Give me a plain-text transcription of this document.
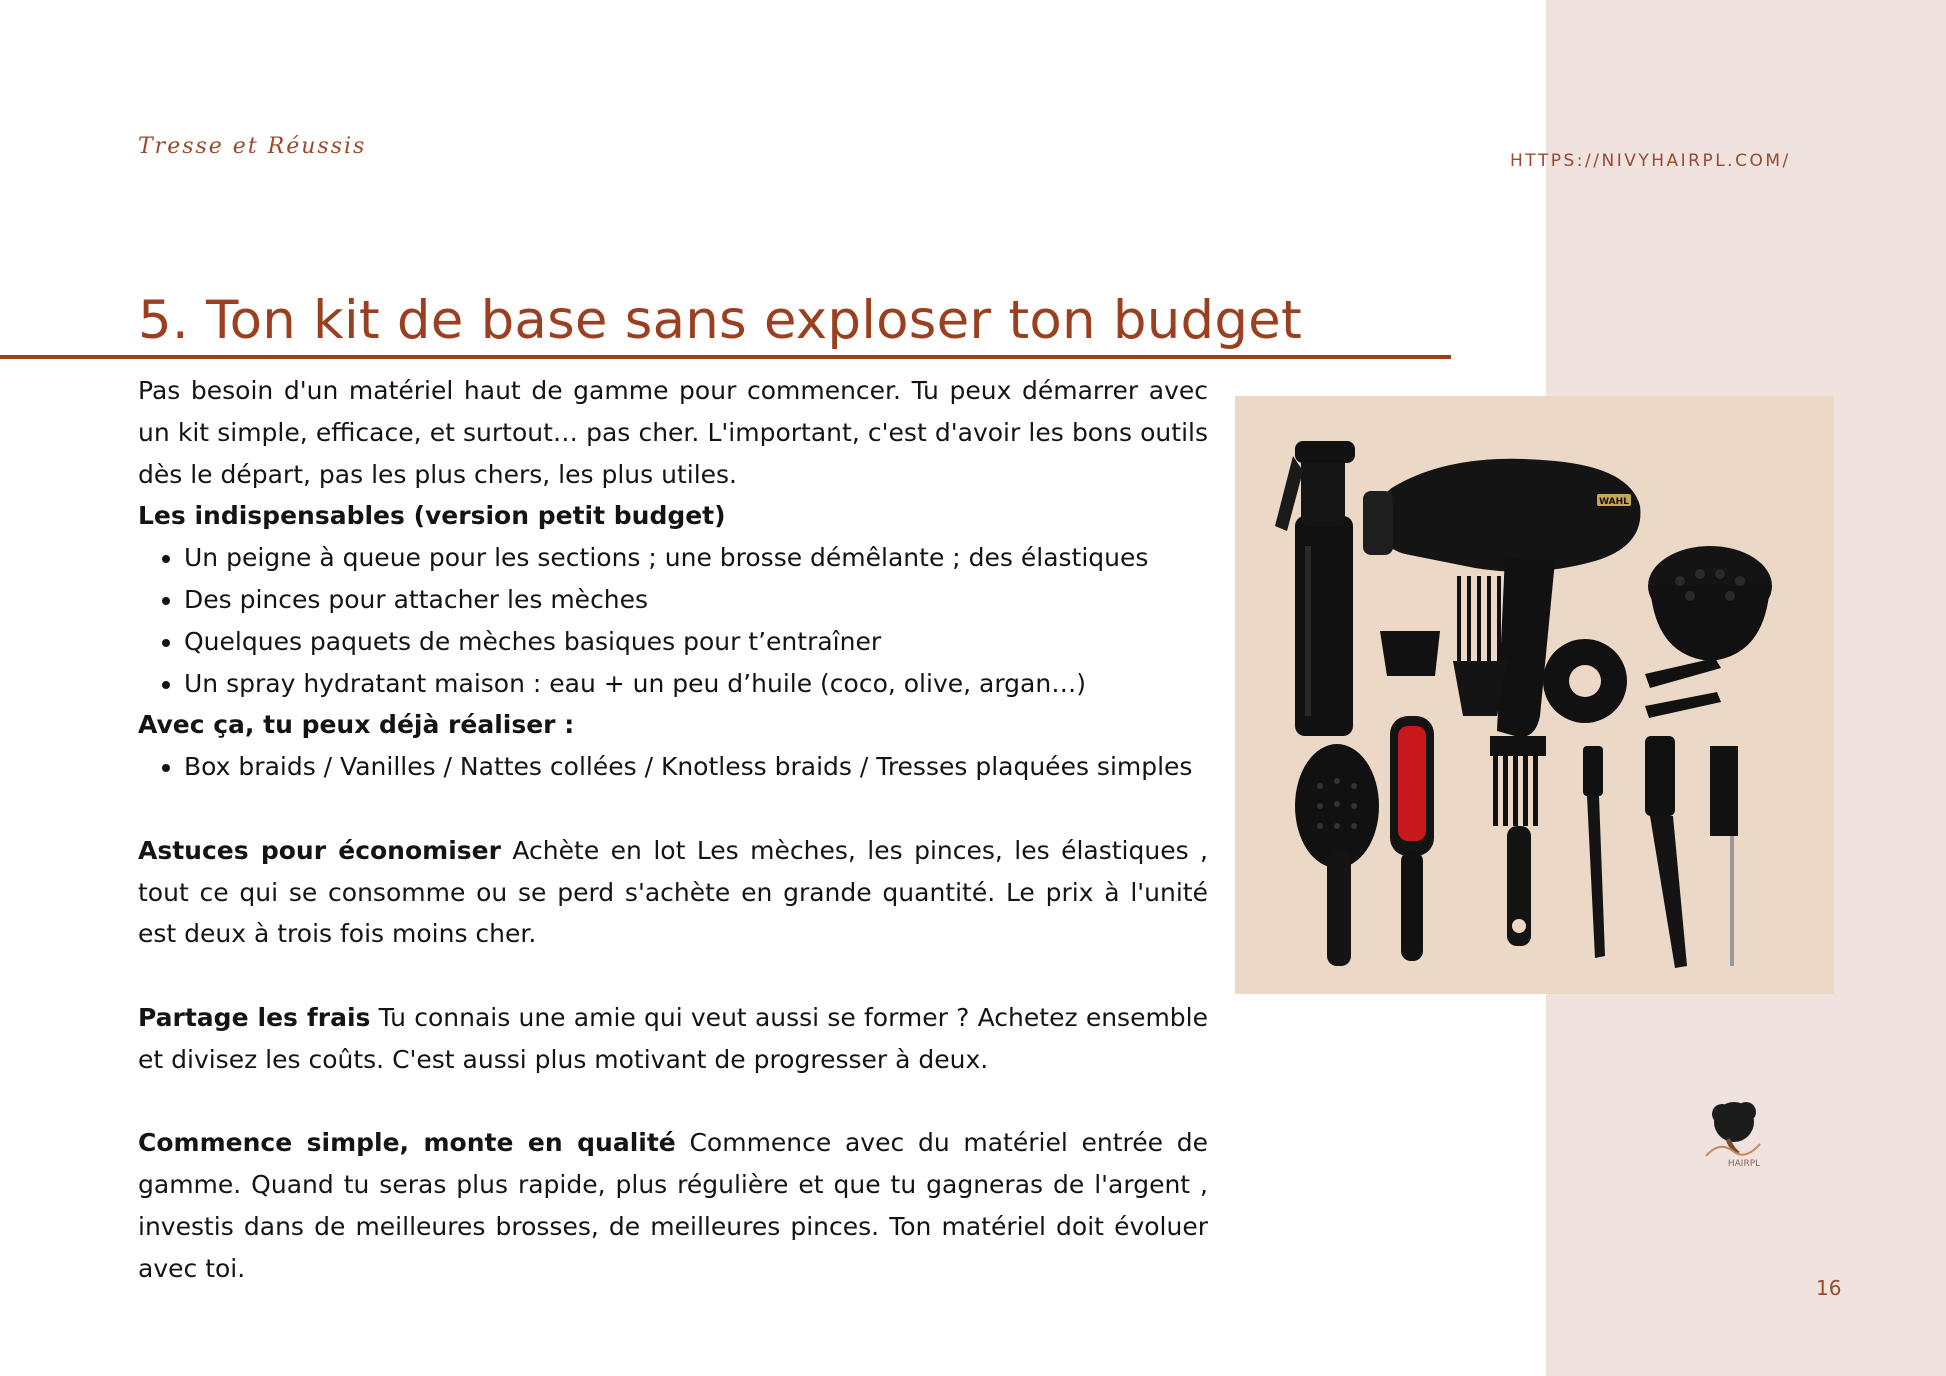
Tresse et Réussis
HTTPS://NIVYHAIRPL.COM/
5. Ton kit de base sans exploser ton budget

Pas besoin d'un matériel haut de gamme pour commencer. Tu peux démarrer avec un kit simple, efficace, et surtout… pas cher. L'important, c'est d'avoir les bons outils dès le départ, pas les plus chers, les plus utiles.

Les indispensables (version petit budget)

• Un peigne à queue pour les sections ; une brosse démêlante ; des élastiques
• Des pinces pour attacher les mèches
• Quelques paquets de mèches basiques pour t’entraîner
• Un spray hydratant maison : eau + un peu d’huile (coco, olive, argan…)

Avec ça, tu peux déjà réaliser :

• Box braids / Vanilles / Nattes collées / Knotless braids / Tresses plaquées simples

Astuces pour économiser Achète en lot Les mèches, les pinces, les élastiques , tout ce qui se consomme ou se perd s'achète en grande quantité. Le prix à l'unité est deux à trois fois moins cher.

Partage les frais Tu connais une amie qui veut aussi se former ? Achetez ensemble et divisez les coûts. C'est aussi plus motivant de progresser à deux.

Commence simple, monte en qualité Commence avec du matériel entrée de gamme. Quand tu seras plus rapide, plus régulière et que tu gagneras de l'argent , investis dans de meilleures brosses, de meilleures pinces. Ton matériel doit évoluer avec toi.

WAHL
HAIRPL
16
